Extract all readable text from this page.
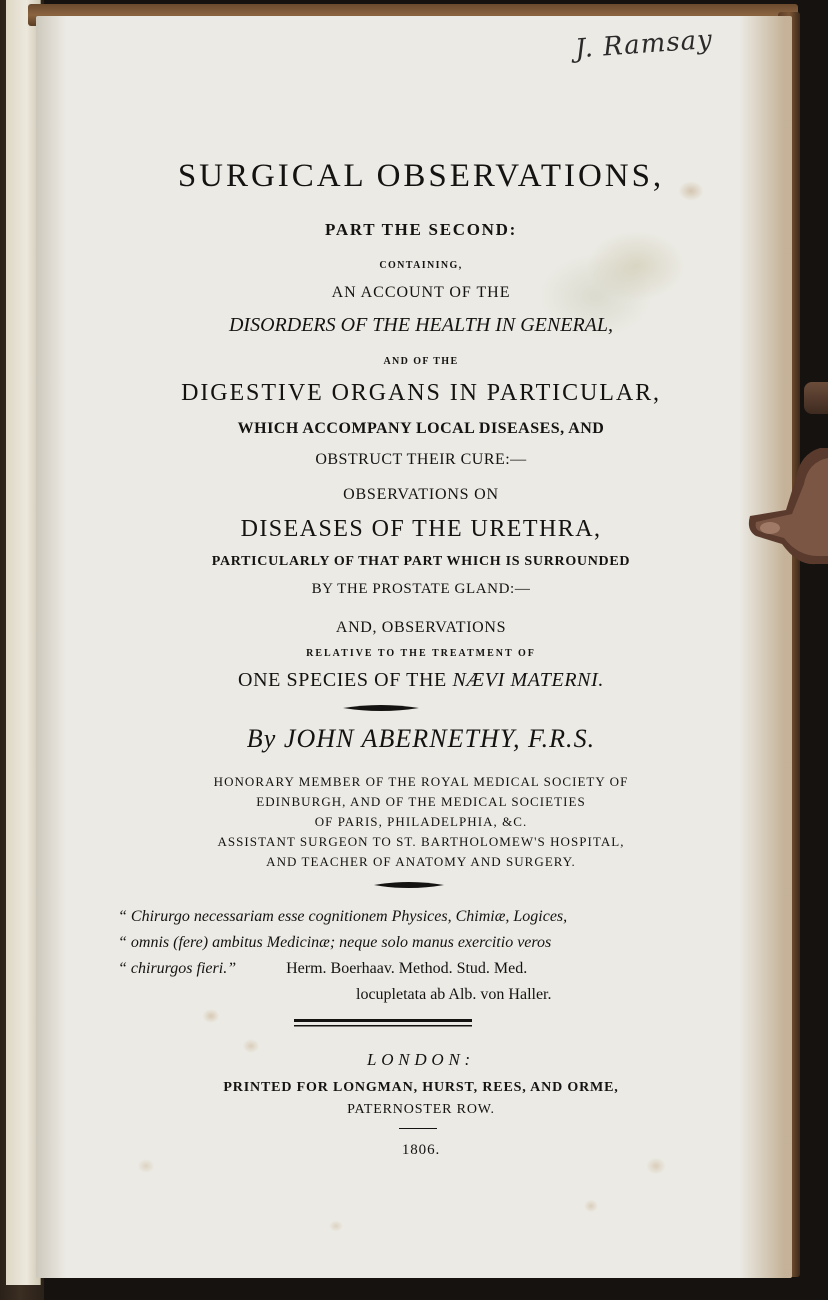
J. Ramsay
SURGICAL OBSERVATIONS,
PART THE SECOND:
CONTAINING,
AN ACCOUNT OF THE
DISORDERS OF THE HEALTH IN GENERAL,
AND OF THE
DIGESTIVE ORGANS IN PARTICULAR,
WHICH ACCOMPANY LOCAL DISEASES, AND
OBSTRUCT THEIR CURE:—
OBSERVATIONS ON
DISEASES OF THE URETHRA,
PARTICULARLY OF THAT PART WHICH IS SURROUNDED
BY THE PROSTATE GLAND:—
AND, OBSERVATIONS
RELATIVE TO THE TREATMENT OF
ONE SPECIES OF THE NÆVI MATERNI.
By JOHN ABERNETHY, F.R.S.
HONORARY MEMBER OF THE ROYAL MEDICAL SOCIETY OF
EDINBURGH, AND OF THE MEDICAL SOCIETIES
OF PARIS, PHILADELPHIA, &C.
ASSISTANT SURGEON TO ST. BARTHOLOMEW'S HOSPITAL,
AND TEACHER OF ANATOMY AND SURGERY.
“ Chirurgo necessariam esse cognitionem Physices, Chimiæ, Logices,
“ omnis (fere) ambitus Medicinæ; neque solo manus exercitio veros
“ chirurgos fieri.”	Herm. Boerhaav. Method. Stud. Med.
locupletata ab Alb. von Haller.
LONDON:
PRINTED FOR LONGMAN, HURST, REES, AND ORME,
PATERNOSTER ROW.
1806.
